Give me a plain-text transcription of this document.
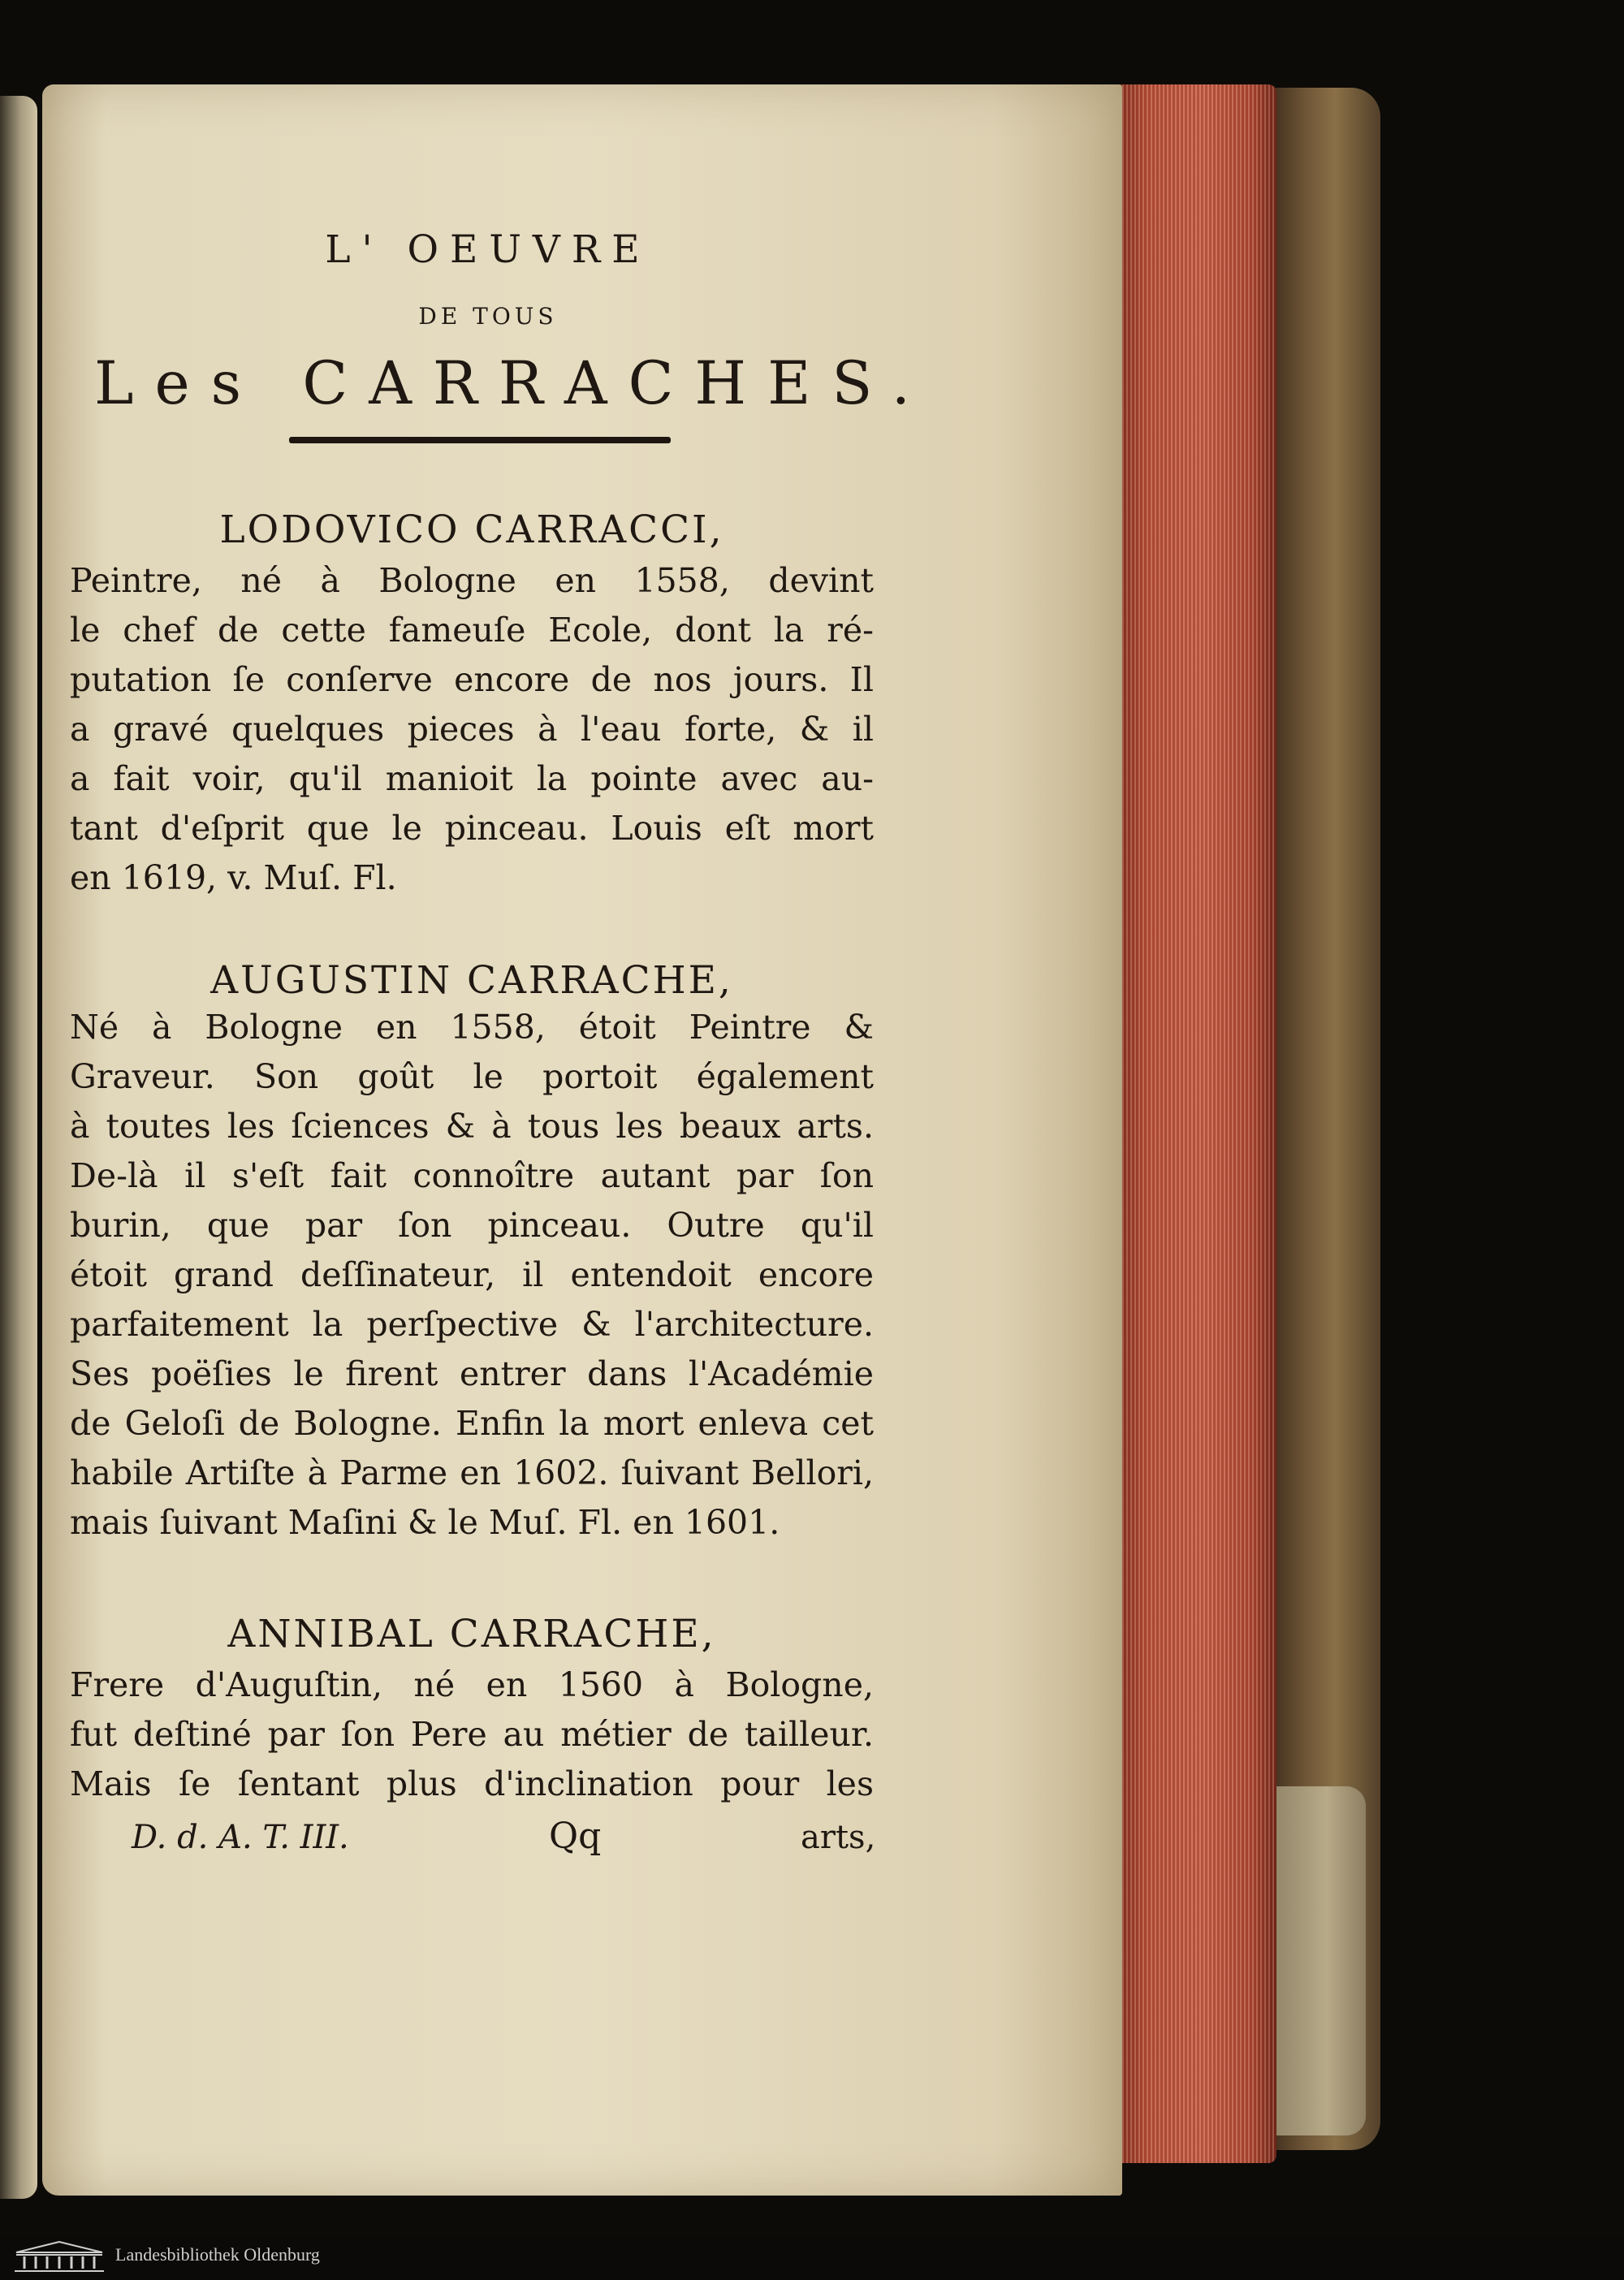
L' OEUVRE
DE TOUS
Les CARRACHES.
LODOVICO CARRACCI,
Peintre, né à Bologne en 1558, devint
le chef de cette fameuſe Ecole, dont la ré-
putation ſe conſerve encore de nos jours. Il
a gravé quelques pieces à l'eau forte, & il
a fait voir, qu'il manioit la pointe avec au-
tant d'eſprit que le pinceau. Louis eſt mort
en 1619, v. Muſ. Fl.
AUGUSTIN CARRACHE,
Né à Bologne en 1558, étoit Peintre &
Graveur. Son goût le portoit également
à toutes les ſciences & à tous les beaux arts.
De-là il s'eſt fait connoître autant par ſon
burin, que par ſon pinceau. Outre qu'il
étoit grand deſſinateur, il entendoit encore
parfaitement la perſpective & l'architecture.
Ses poëſies le firent entrer dans l'Académie
de Geloſi de Bologne. Enfin la mort enleva cet
habile Artiſte à Parme en 1602. ſuivant Bellori,
mais ſuivant Maſini & le Muſ. Fl. en 1601.
ANNIBAL CARRACHE,
Frere d'Auguſtin, né en 1560 à Bologne,
fut deſtiné par ſon Pere au métier de tailleur.
Mais ſe ſentant plus d'inclination pour les
D. d. A. T. III.	Qq	arts,
Landesbibliothek Oldenburg
